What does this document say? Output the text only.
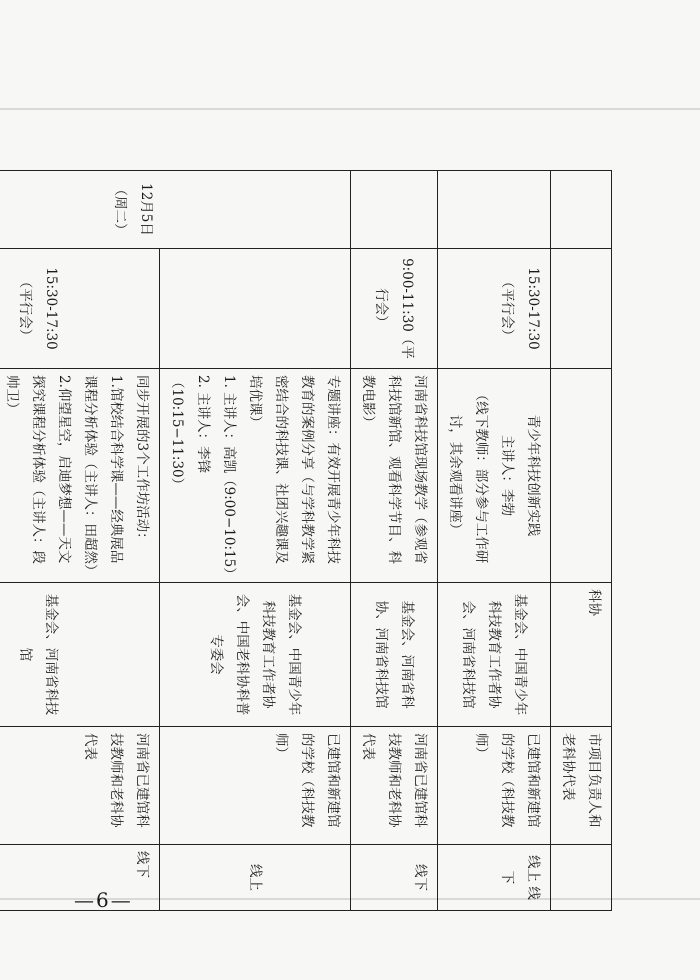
			科协	市项目负责人和老科协代表	
	15:30-17:30（平行会）	青少年科技创新实践
主讲人：李勃
（线下教师：部分参与工作研讨，其余观看讲座）	基金会、中国青少年科技教育工作者协会、河南省科技馆	已建馆和新建馆的学校（科技教师）	线上 线下
	9:00-11:30（平行会）	河南省科技馆现场教学（参观省科技馆新馆、观看科学节目、科教电影）	基金会、河南省科协、河南省科技馆	河南省已建馆科技教师和老科协代表	线下
12月5日（周二）		专题讲座：有效开展青少年科技教育的案例分享（与学科教学紧密结合的科技课、社团兴趣课及培优课）
1. 主讲人：高凯（9:00−10:15）
2. 主讲人：李锋（10:15−11:30）	基金会、中国青少年科技教育工作者协会、中国老科协科普专委会	已建馆和新建馆的学校（科技教师）	线上
	15:30-17:30（平行会）	同步开展的3个工作坊活动：
1.馆校结合科学课——经典展品课程分析体验（主讲人：田超然）
2.仰望星空，启迪梦想——天文探究课程分析体验（主讲人：段帅卫）	基金会、河南省科技馆	河南省已建馆科技教师和老科协代表	线下
—6—
